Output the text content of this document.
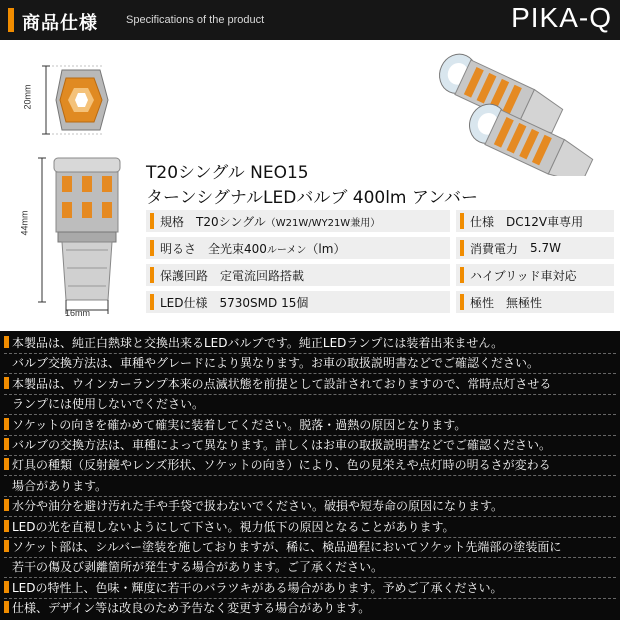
商品仕様	Specifications of the product	PIKA-Q
20mm
44mm
16mm
T20シングル NEO15
ターンシグナルLEDバルブ 400lm アンバー
規格 T20シングル （W21W/WY21W兼用）
明るさ 全光束400 ルーメン （lm）
保護回路 定電流回路搭載
LED仕様 5730SMD 15個
仕様 DC12V車専用
消費電力 5.7W
ハイブリッド車対応
極性 無極性
本製品は、純正白熱球と交換出来るLEDバルブです。純正LEDランプには装着出来ません。
バルブ交換方法は、車種やグレードにより異なります。お車の取扱説明書などでご確認ください。
本製品は、ウインカーランプ本来の点滅状態を前提として設計されておりますので、常時点灯させる
ランプには使用しないでください。
ソケットの向きを確かめて確実に装着してください。脱落・過熱の原因となります。
バルブの交換方法は、車種によって異なります。詳しくはお車の取扱説明書などでご確認ください。
灯具の種類（反射鏡やレンズ形状、ソケットの向き）により、色の見栄えや点灯時の明るさが変わる
場合があります。
水分や油分を避け汚れた手や手袋で扱わないでください。破損や短寿命の原因になります。
LEDの光を直視しないようにして下さい。視力低下の原因となることがあります。
ソケット部は、シルバー塗装を施しておりますが、稀に、検品過程においてソケット先端部の塗装面に
若干の傷及び剥離箇所が発生する場合があります。ご了承ください。
LEDの特性上、色味・輝度に若干のバラツキがある場合があります。予めご了承ください。
仕様、デザイン等は改良のため予告なく変更する場合があります。
